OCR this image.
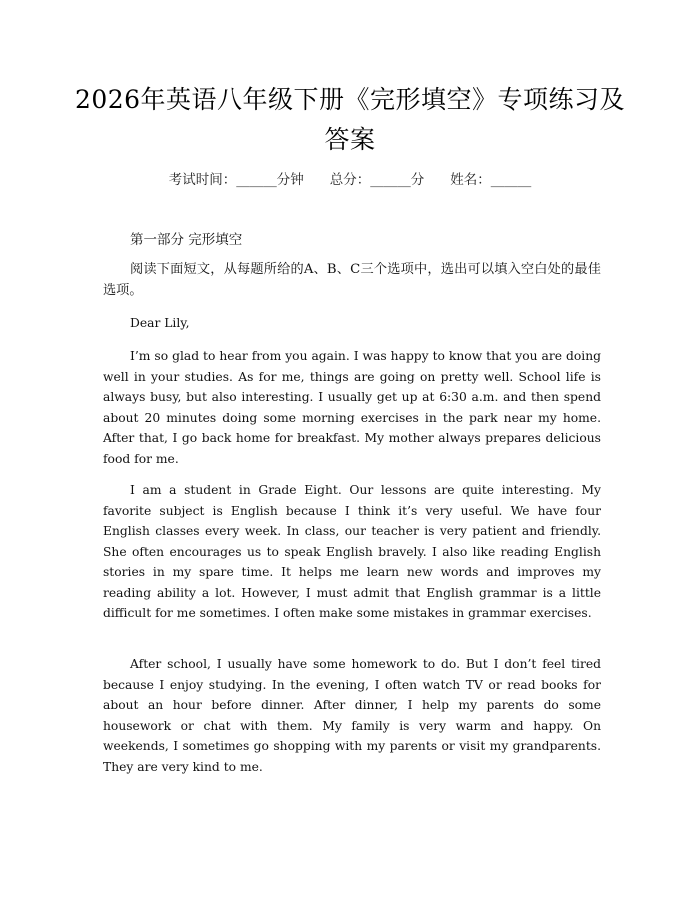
2026年英语八年级下册《完形填空》专项练习及答案
考试时间：______分钟 总分：______分 姓名：______
第一部分 完形填空
阅读下面短文，从每题所给的A、B、C三个选项中，选出可以填入空白处的最佳选项。
Dear Lily,
I’m so glad to hear from you again. I was happy to know that you are doing well in your studies. As for me, things are going on pretty well. School life is always busy, but also interesting. I usually get up at 6:30 a.m. and then spend about 20 minutes doing some morning exercises in the park near my home. After that, I go back home for breakfast. My mother always prepares delicious food for me.
I am a student in Grade Eight. Our lessons are quite interesting. My favorite subject is English because I think it’s very useful. We have four English classes every week. In class, our teacher is very patient and friendly. She often encourages us to speak English bravely. I also like reading English stories in my spare time. It helps me learn new words and improves my reading ability a lot. However, I must admit that English grammar is a little difficult for me sometimes. I often make some mistakes in grammar exercises.
After school, I usually have some homework to do. But I don’t feel tired because I enjoy studying. In the evening, I often watch TV or read books for about an hour before dinner. After dinner, I help my parents do some housework or chat with them. My family is very warm and happy. On weekends, I sometimes go shopping with my parents or visit my grandparents. They are very kind to me.
